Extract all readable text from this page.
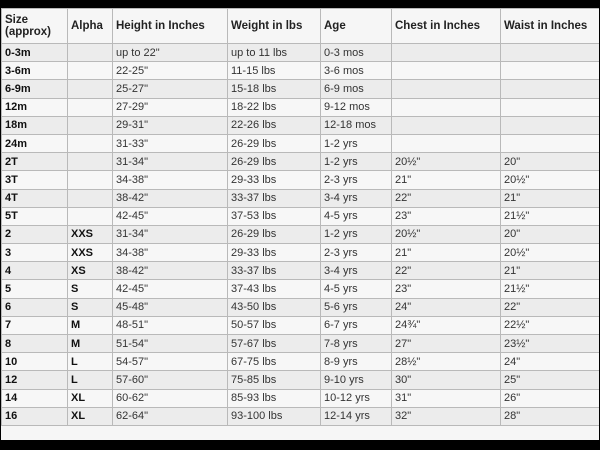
Size (approx)	Alpha	Height in Inches	Weight in lbs	Age	Chest in Inches	Waist in Inches
0-3m		up to 22"	up to 11 lbs	0-3 mos		
3-6m		22-25"	11-15 lbs	3-6 mos		
6-9m		25-27"	15-18 lbs	6-9 mos		
12m		27-29"	18-22 lbs	9-12 mos		
18m		29-31"	22-26 lbs	12-18 mos		
24m		31-33"	26-29 lbs	1-2 yrs		
2T		31-34"	26-29 lbs	1-2 yrs	20½"	20"
3T		34-38"	29-33 lbs	2-3 yrs	21"	20½"
4T		38-42"	33-37 lbs	3-4 yrs	22"	21"
5T		42-45"	37-53 lbs	4-5 yrs	23"	21½"
2	XXS	31-34"	26-29 lbs	1-2 yrs	20½"	20"
3	XXS	34-38"	29-33 lbs	2-3 yrs	21"	20½"
4	XS	38-42"	33-37 lbs	3-4 yrs	22"	21"
5	S	42-45"	37-43 lbs	4-5 yrs	23"	21½"
6	S	45-48"	43-50 lbs	5-6 yrs	24"	22"
7	M	48-51"	50-57 lbs	6-7 yrs	24¾"	22½"
8	M	51-54"	57-67 lbs	7-8 yrs	27"	23½"
10	L	54-57"	67-75 lbs	8-9 yrs	28½"	24"
12	L	57-60"	75-85 lbs	9-10 yrs	30"	25"
14	XL	60-62"	85-93 lbs	10-12 yrs	31"	26"
16	XL	62-64"	93-100 lbs	12-14 yrs	32"	28"
